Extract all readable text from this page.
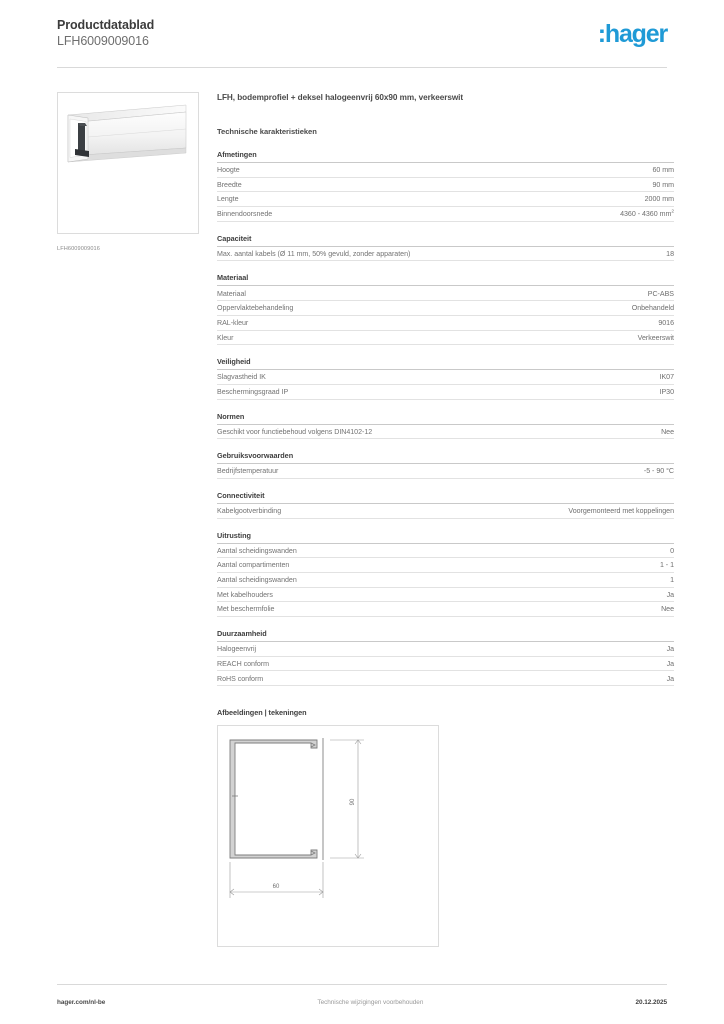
Productdatablad
LFH6009009016	:hager
LFH6009009016
LFH, bodemprofiel + deksel halogeenvrij 60x90 mm, verkeerswit
Technische karakteristieken
Afmetingen
Hoogte	60 mm
Breedte	90 mm
Lengte	2000 mm
Binnendoorsnede	4360 - 4360 $mm^2$
Capaciteit
Max. aantal kabels (Ø 11 mm, 50% gevuld, zonder apparaten)	18
Materiaal
Materiaal	PC-ABS
Oppervlaktebehandeling	Onbehandeld
RAL-kleur	9016
Kleur	Verkeerswit
Veiligheid
Slagvastheid IK	IK07
Beschermingsgraad IP	IP30
Normen
Geschikt voor functiebehoud volgens DIN4102-12	Nee
Gebruiksvoorwaarden
Bedrijfstemperatuur	-5 - 90 °C
Connectiviteit
Kabelgootverbinding	Voorgemonteerd met koppelingen
Uitrusting
Aantal scheidingswanden	0
Aantal compartimenten	1 - 1
Aantal scheidingswanden	1
Met kabelhouders	Ja
Met beschermfolie	Nee
Duurzaamheid
Halogeenvrij	Ja
REACH conform	Ja
RoHS conform	Ja
Afbeeldingen | tekeningen
90
60
hager.com/nl-be	Technische wijzigingen voorbehouden	20.12.2025
